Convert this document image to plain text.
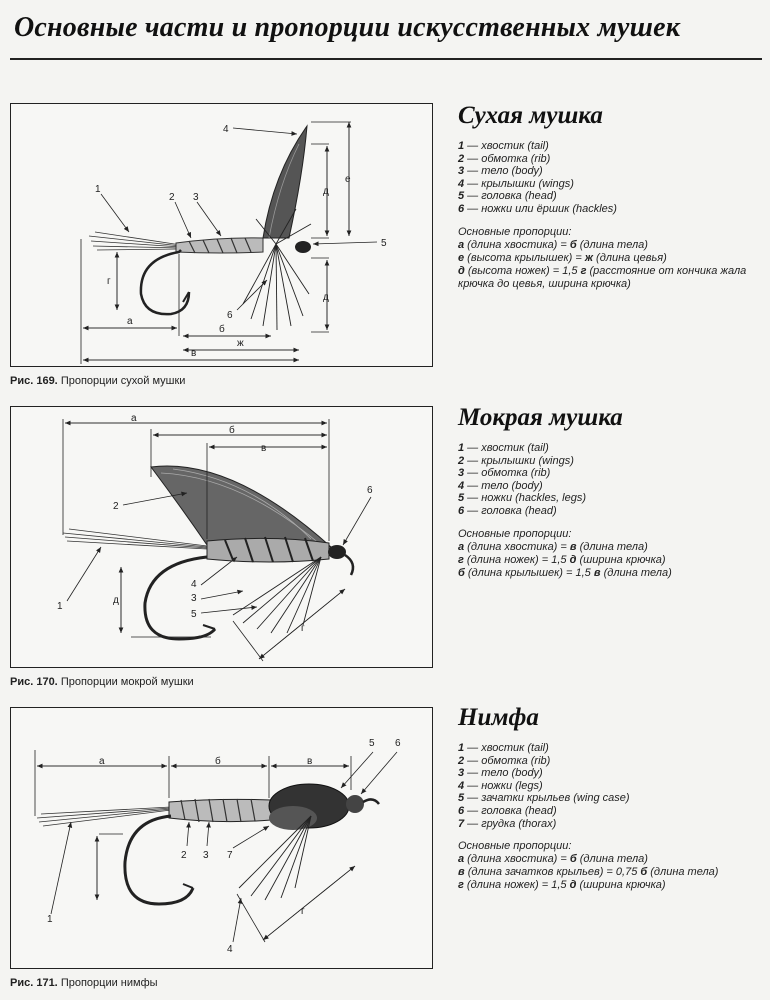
Основные части и пропорции искусственных мушек
1
2 3
4
5
6
а
б
в
ж
г
д
е
д
Рис. 169. Пропорции сухой мушки
Сухая мушка
1 — хвостик (tail)
2 — обмотка (rib)
3 — тело (body)
4 — крылышки (wings)
5 — головка (head)
6 — ножки или ёршик (hackles)
Основные пропорции:
а (длина хвостика) = б (длина тела)
е (высота крылышек) = ж (длина цевья)
д (высота ножек) = 1,5 г (расстояние от кончика жала крючка до цевья, ширина крючка)
а
б
в
д
г
1
2
3
4
5
6
Рис. 170. Пропорции мокрой мушки
Мокрая мушка
1 — хвостик (tail)
2 — крылышки (wings)
3 — обмотка (rib)
4 — тело (body)
5 — ножки (hackles, legs)
6 — головка (head)
Основные пропорции:
а (длина хвостика) = в (длина тела)
г (длина ножек) = 1,5 д (ширина крючка)
б (длина крылышек) = 1,5 в (длина тела)
а	б	в
г
1
2 3
4
5 6
7
Рис. 171. Пропорции нимфы
Нимфа
1 — хвостик (tail)
2 — обмотка (rib)
3 — тело (body)
4 — ножки (legs)
5 — зачатки крыльев (wing case)
6 — головка (head)
7 — грудка (thorax)
Основные пропорции:
а (длина хвостика) = б (длина тела)
в (длина зачатков крыльев) = 0,75 б (длина тела)
г (длина ножек) = 1,5 д (ширина крючка)
